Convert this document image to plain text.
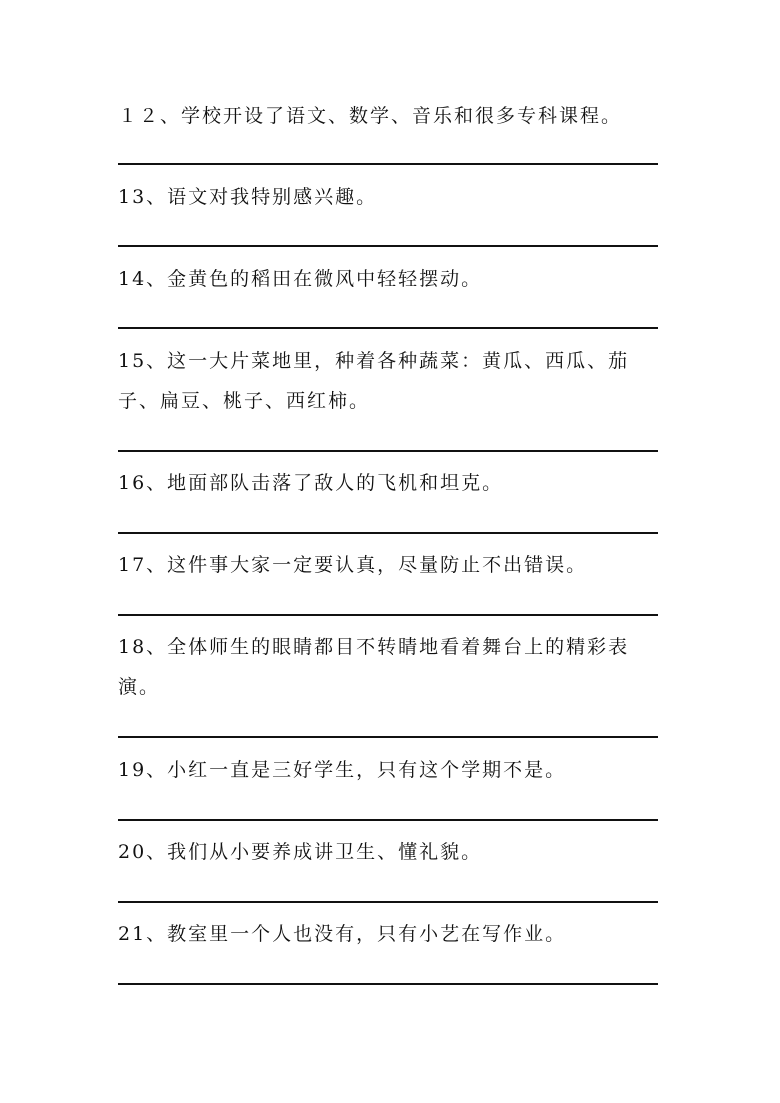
１２、学校开设了语文、数学、音乐和很多专科课程。
13、语文对我特别感兴趣。
14、金黄色的稻田在微风中轻轻摆动。
15、这一大片菜地里，种着各种蔬菜：黄瓜、西瓜、茄子、扁豆、桃子、西红柿。
16、地面部队击落了敌人的飞机和坦克。
17、这件事大家一定要认真，尽量防止不出错误。
18、全体师生的眼睛都目不转睛地看着舞台上的精彩表演。
19、小红一直是三好学生，只有这个学期不是。
20、我们从小要养成讲卫生、懂礼貌。
21、教室里一个人也没有，只有小艺在写作业。
